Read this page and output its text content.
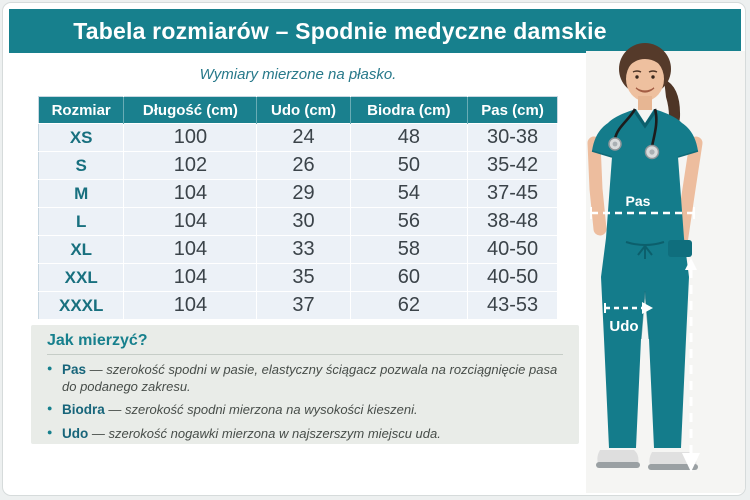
Tabela rozmiarów – Spodnie medyczne damskie
Wymiary mierzone na płasko.
Rozmiar	Długość (cm)	Udo (cm)	Biodra (cm)	Pas (cm)
XS	100	24	48	30-38
S	102	26	50	35-42
M	104	29	54	37-45
L	104	30	56	38-48
XL	104	33	58	40-50
XXL	104	35	60	40-50
XXXL	104	37	62	43-53
Jak mierzyć?
● Pas — szerokość spodni w pasie, elastyczny ściągacz pozwala na rozciągnięcie pasa do podanego zakresu.
● Biodra — szerokość spodni mierzona na wysokości kieszeni.
● Udo — szerokość nogawki mierzona w najszerszym miejscu uda.
Pas
Udo
